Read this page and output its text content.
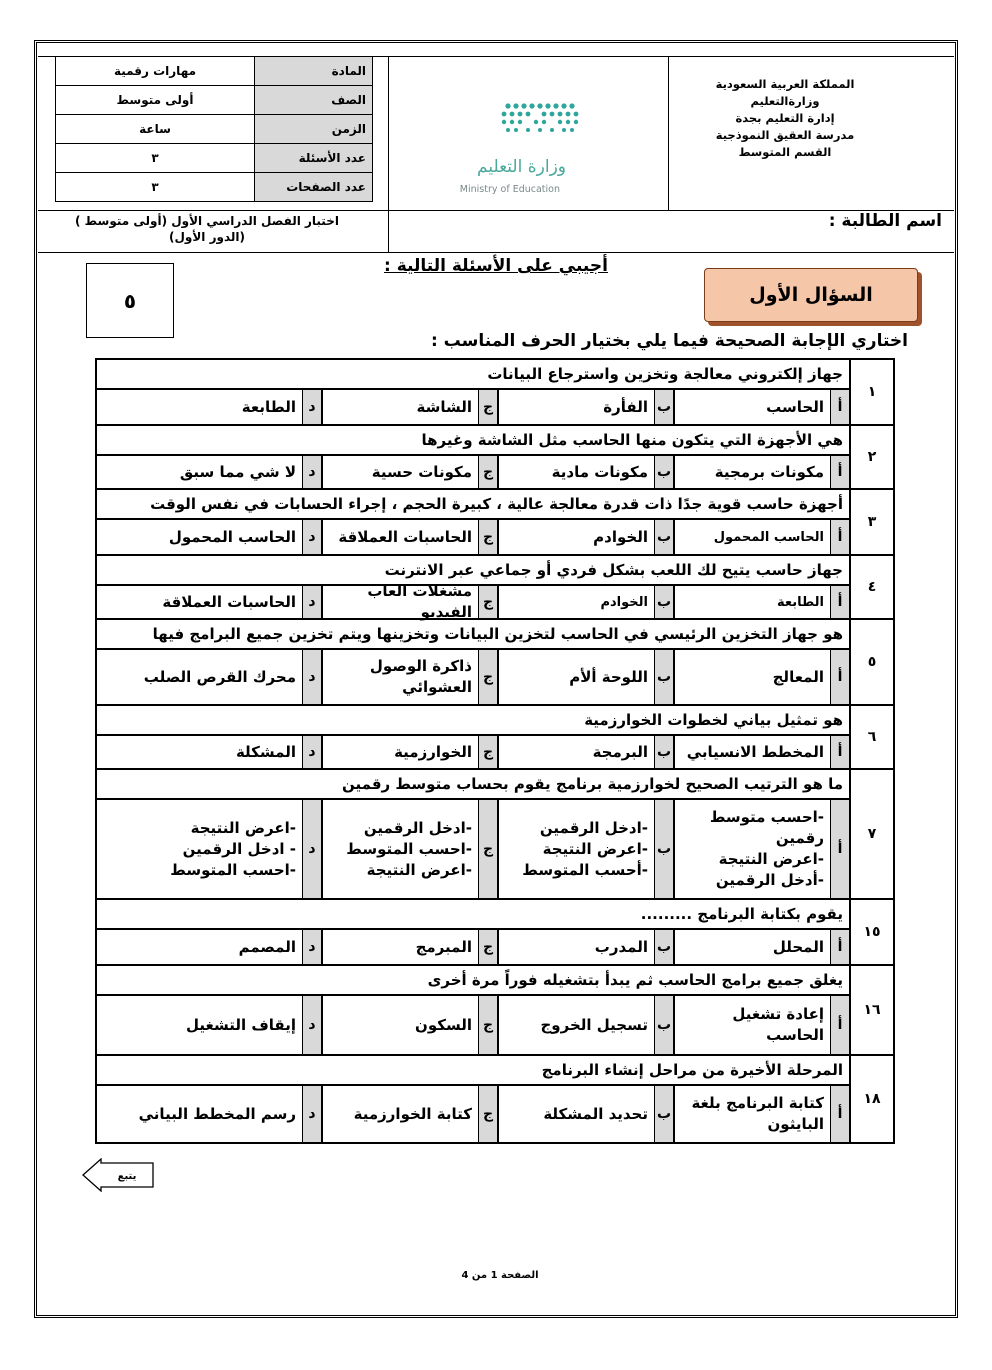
المادة	مهارات رقمية
الصف	أولى متوسط
الزمن	ساعة
عدد الأسئلة	٣
عدد الصفحات	٣
المملكة العربية السعودية
وزارةالتعليم
إدارة التعليم بجدة
مدرسة العقيق النموذجية
القسم المتوسط
وزارة التعليم
Ministry of Education
اختبار الفصل الدراسي الأول (أولى متوسط )
(الدور الأول)
اسم الطالبة :
أجيبي على الأسئلة التالية :
٥	السؤال الأول
اختاري الإجابة الصحيحة فيما يلي بختيار الحرف المناسب :
١
جهاز إلكتروني معالجة وتخزين واسترجاع البيانات
أ
الحاسب
ب
الفأرة
ج
الشاشة
د
الطابعة
٢
هي الأجهزة التي يتكون منها الحاسب مثل الشاشة وغيرها
أ
مكونات برمجية
ب
مكونات مادية
ج
مكونات حسية
د
لا شي مما سبق
٣
أجهزة حاسب قوية جدًا ذات قدرة معالجة عالية ، كبيرة الحجم ، إجراء الحسابات في نفس الوقت
أ
الحاسب المحمول
ب
الخوادم
ج
الحاسبات العملاقة
د
الحاسب المحمول
٤
جهاز حاسب يتيح لك اللعب بشكل فردي أو جماعي عبر الانترنت
أ
الطابعة
ب
الخوادم
ج
مشغلات العاب الفيديو
د
الحاسبات العملاقة
٥
هو جهاز التخزين الرئيسي في الحاسب لتخزين البيانات وتخزينها ويتم تخزين جميع البرامج فيها
أ
المعالج
ب
اللوحة ألأم
ج
ذاكرة الوصول
العشوائي
د
محرك القرص الصلب
٦
هو تمثيل بياني لخطوات الخوارزمية
أ
المخطط الانسيابي
ب
البرمجة
ج
الخوارزمية
د
المشكلة
٧
ما هو الترتيب الصحيح لخوارزمية برنامج يقوم بحساب متوسط رقمين
أ
-احسب متوسط
رقمين
-اعرض النتيجة
-أدخل الرقمين
ب
-ادخل الرقمين
-اعرض النتيجة
-أحسب المتوسط
ج
-ادخل الرقمين
-احسب المتوسط
-اعرض النتيجة
د
-اعرض النتيجة
- ادخل الرقمين
-احسب المتوسط
١٥
يقوم بكتابة البرنامج .........
أ
المحلل
ب
المدرب
ج
المبرمج
د
المصمم
١٦
يغلق جميع برامج الحاسب ثم يبدأ بتشغيله فوراً مرة أخرى
أ
إعادة تشغيل
الحاسب
ب
تسجيل الخروج
ج
السكون
د
إيقاف التشغيل
١٨
المرحلة الأخيرة من مراحل إنشاء البرنامج
أ
كتابة البرنامج بلغة
البايثون
ب
تحديد المشكلة
ج
كتابة الخوارزمية
د
رسم المخطط البياني
يتبع
الصفحة 1 من 4
